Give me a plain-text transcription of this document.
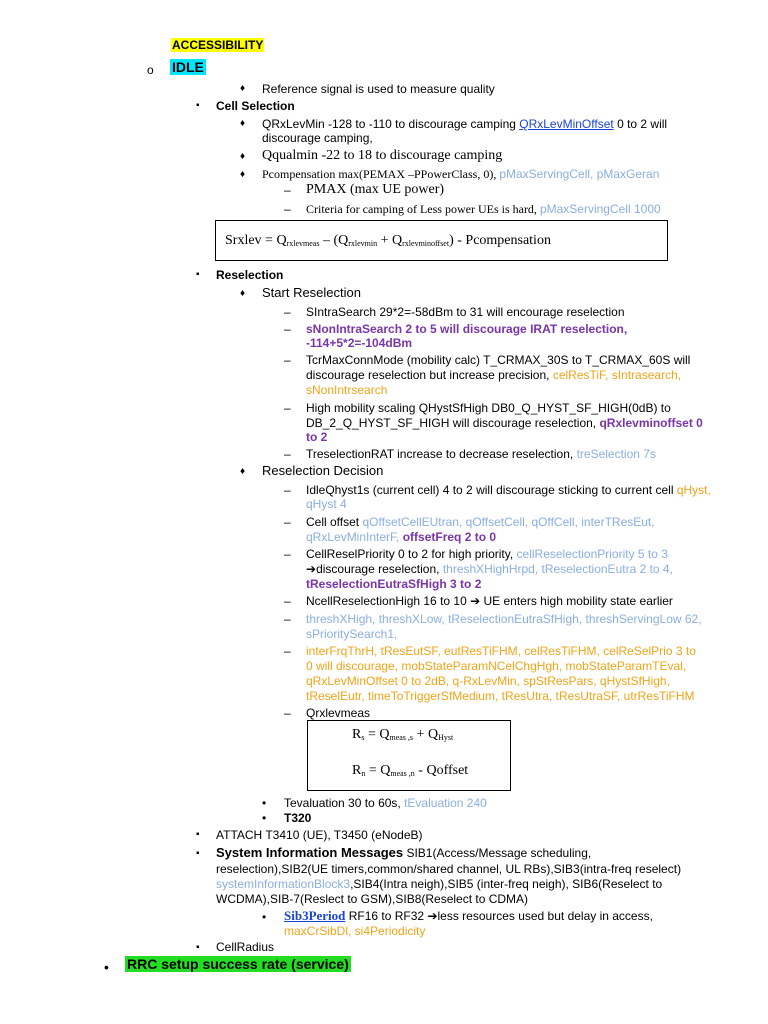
ACCESSIBILITY
o IDLE
♦ Reference signal is used to measure quality
▪ Cell Selection
♦ QRxLevMin -128 to -110 to discourage camping QRxLevMinOffset 0 to 2 will
discourage camping,
♦ Qqualmin -22 to 18 to discourage camping
♦ Pcompensation max(PEMAX –PPowerClass, 0), pMaxServingCell, pMaxGeran
– PMAX (max UE power)
– Criteria for camping of Less power UEs is hard, pMaxServingCell 1000
Srxlev = $Q_{rxlevmeas} - (Q_{rxlevmin} + Q_{rxlevminoffset})$ - Pcompensation
▪ Reselection
♦ Start Reselection
– SIntraSearch 29*2=-58dBm to 31 will encourage reselection
– sNonIntraSearch 2 to 5 will discourage IRAT reselection,
-114+5*2=-104dBm
– TcrMaxConnMode (mobility calc) T_CRMAX_30S to T_CRMAX_60S will
discourage reselection but increase precision, celResTiF, sIntrasearch,
sNonIntrsearch
– High mobility scaling QHystSfHigh DB0_Q_HYST_SF_HIGH(0dB) to
DB_2_Q_HYST_SF_HIGH will discourage reselection, qRxlevminoffset 0
to 2
– TreselectionRAT increase to decrease reselection, treSelection 7s
♦ Reselection Decision
– IdleQhyst1s (current cell) 4 to 2 will discourage sticking to current cell qHyst,
qHyst 4
– Cell offset qOffsetCellEUtran, qOffsetCell, qOffCell, interTResEut,
qRxLevMinInterF, offsetFreq 2 to 0
– CellReselPriority 0 to 2 for high priority, cellReselectionPriority 5 to 3
➔discourage reselection, threshXHighHrpd, tReselectionEutra 2 to 4,
tReselectionEutraSfHigh 3 to 2
– NcellReselectionHigh 16 to 10 ➔ UE enters high mobility state earlier
– threshXHigh, threshXLow, tReselectionEutraSfHigh, threshServingLow 62,
sPrioritySearch1,
– interFrqThrH, tResEutSF, eutResTiFHM, celResTiFHM, celReSelPrio 3 to
0 will discourage, mobStateParamNCelChgHgh, mobStateParamTEval,
qRxLevMinOffset 0 to 2dB, q-RxLevMin, spStResPars, qHystSfHigh,
tReselEutr, timeToTriggerSfMedium, tResUtra, tResUtraSF, utrResTiFHM
– Qrxlevmeas
$R_s = Q_{meas ,s} + Q_{Hyst}$
$R_n = Q_{meas ,n}$ - Qoffset
• Tevaluation 30 to 60s, tEvaluation 240
• T320
▪ ATTACH T3410 (UE), T3450 (eNodeB)
▪ System Information Messages SIB1(Access/Message scheduling,
reselection),SIB2(UE timers,common/shared channel, UL RBs),SIB3(intra-freq reselect)
systemInformationBlock3,SIB4(Intra neigh),SIB5 (inter-freq neigh), SIB6(Reselect to
WCDMA),SIB-7(Reslect to GSM),SIB8(Reselect to CDMA)
• Sib3Period RF16 to RF32 ➔less resources used but delay in access,
maxCrSibDl, si4Periodicity
▪ CellRadius
• RRC setup success rate (service)
